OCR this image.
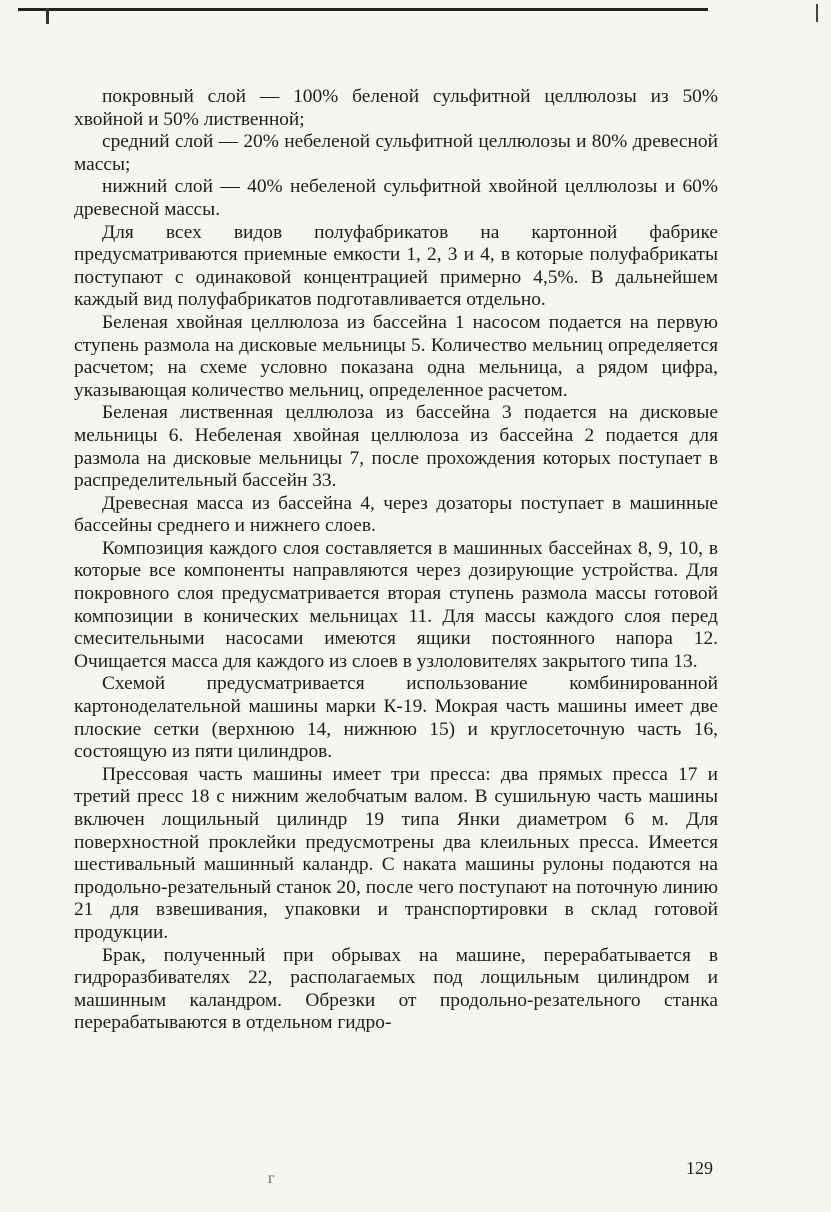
покровный слой — 100% беленой сульфитной целлюлозы из 50% хвойной и 50% лиственной;

средний слой — 20% небеленой сульфитной целлюлозы и 80% древесной массы;

нижний слой — 40% небеленой сульфитной хвойной целлюлозы и 60% древесной массы.

Для всех видов полуфабрикатов на картонной фабрике предусматриваются приемные емкости 1, 2, 3 и 4, в которые полуфабрикаты поступают с одинаковой концентрацией примерно 4,5%. В дальнейшем каждый вид полуфабрикатов подготавливается отдельно.

Беленая хвойная целлюлоза из бассейна 1 насосом подается на первую ступень размола на дисковые мельницы 5. Количество мельниц определяется расчетом; на схеме условно показана одна мельница, а рядом цифра, указывающая количество мельниц, определенное расчетом.

Беленая лиственная целлюлоза из бассейна 3 подается на дисковые мельницы 6. Небеленая хвойная целлюлоза из бассейна 2 подается для размола на дисковые мельницы 7, после прохождения которых поступает в распределительный бассейн 33.

Древесная масса из бассейна 4, через дозаторы поступает в машинные бассейны среднего и нижнего слоев.

Композиция каждого слоя составляется в машинных бассейнах 8, 9, 10, в которые все компоненты направляются через дозирующие устройства. Для покровного слоя предусматривается вторая ступень размола массы готовой композиции в конических мельницах 11. Для массы каждого слоя перед смесительными насосами имеются ящики постоянного напора 12. Очищается масса для каждого из слоев в узлоловителях закрытого типа 13.

Схемой предусматривается использование комбинированной картоноделательной машины марки К-19. Мокрая часть машины имеет две плоские сетки (верхнюю 14, нижнюю 15) и круглосеточную часть 16, состоящую из пяти цилиндров.

Прессовая часть машины имеет три пресса: два прямых пресса 17 и третий пресс 18 с нижним желобчатым валом. В сушильную часть машины включен лощильный цилиндр 19 типа Янки диаметром 6 м. Для поверхностной проклейки предусмотрены два клеильных пресса. Имеется шестивальный машинный каландр. С наката машины рулоны подаются на продольно-резательный станок 20, после чего поступают на поточную линию 21 для взвешивания, упаковки и транспортировки в склад готовой продукции.

Брак, полученный при обрывах на машине, перерабатывается в гидроразбивателях 22, располагаемых под лощильным цилиндром и машинным каландром. Обрезки от продольно-резательного станка перерабатываются в отдельном гидро-

129
г
